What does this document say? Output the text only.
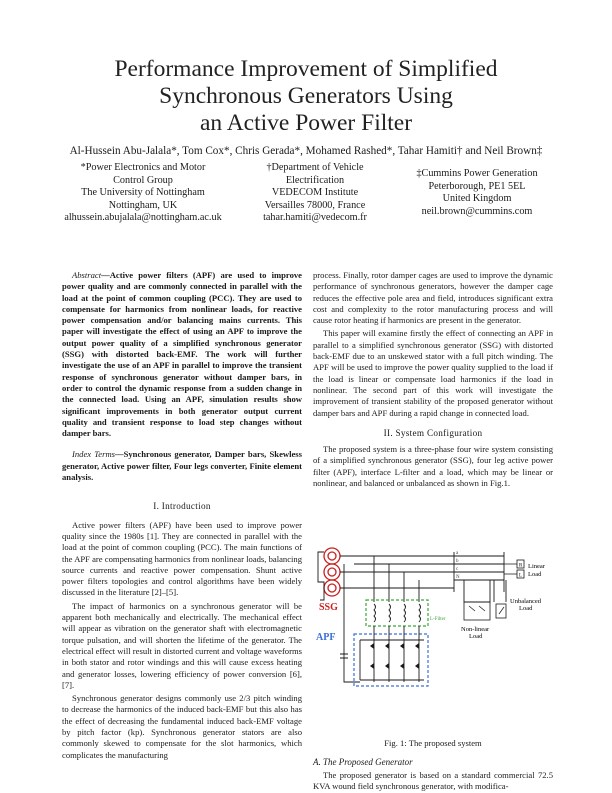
Performance Improvement of Simplified
Synchronous Generators Using
an Active Power Filter
Al-Hussein Abu-Jalala*, Tom Cox*, Chris Gerada*, Mohamed Rashed*, Tahar Hamiti† and Neil Brown‡
*Power Electronics and Motor
Control Group
The University of Nottingham
Nottingham, UK
alhussein.abujalala@nottingham.ac.uk
†Department of Vehicle
Electrification
VEDECOM Institute
Versailles 78000, France
tahar.hamiti@vedecom.fr
‡Cummins Power Generation
Peterborough, PE1 5EL
United Kingdom
neil.brown@cummins.com

Abstract—Active power filters (APF) are used to improve power quality and are commonly connected in parallel with the load at the point of common coupling (PCC). They are used to compensate for harmonics from nonlinear loads, for reactive power compensation and/or balancing mains currents. This paper will investigate the effect of using an APF to improve the output power quality of a simplified synchronous generator (SSG) with distorted back-EMF. The work will further investigate the use of an APF in parallel to improve the transient response of synchronous generator without damper bars, in order to control the dynamic response from a sudden change in the connected load. Using an APF, simulation results show significant improvements in both generator output current quality and transient response to load step changes without damper bars.

Index Terms—Synchronous generator, Damper bars, Skewless generator, Active power filter, Four legs converter, Finite element analysis.

I. Introduction

Active power filters (APF) have been used to improve power quality since the 1980s [1]. They are connected in parallel with the load at the point of common coupling (PCC). The main functions of the APF are compensating harmonics from nonlinear loads, balancing source currents and reactive power compensation. Shunt active power filters topologies and control algorithms have been widely discussed in the literature [2]–[5].

The impact of harmonics on a synchronous generator will be apparent both mechanically and electrically. The mechanical effect will appear as vibration on the generator shaft with electromagnetic torque pulsation, and will shorten the lifetime of the generator. The electrical effect will result in distorted current and voltage waveforms in both stator and rotor windings and this will cause excess heating and generator losses, lowering efficiency of power conversion [6], [7].

Synchronous generator designs commonly use 2/3 pitch winding to decrease the harmonics of the induced back-EMF but this also has the effect of decreasing the fundamental induced back-EMF voltage by pitch factor (kp). Synchronous generator stators are also commonly skewed to compensate for the slot harmonics, which complicates the manufacturing

process. Finally, rotor damper cages are used to improve the dynamic performance of synchronous generators, however the damper cage reduces the effective pole area and field, introduces significant extra cost and complexity to the rotor manufacturing process and will cause rotor heating if harmonics are present in the generator.

This paper will examine firstly the effect of connecting an APF in parallel to a simplified synchronous generator (SSG) with distorted back-EMF due to an unskewed stator with a full pitch winding. The APF will be used to improve the power quality supplied to the load if the load is linear or compensate load harmonics if the load in nonlinear. The second part of this work will investigate the improvement of transient stability of the proposed generator without damper bars and APF during a rapid change in connected load.

II. System Configuration

The proposed system is a three-phase four wire system consisting of a simplified synchronous generator (SSG), four leg active power filter (APF), interface L-filter and a load, which may be linear or nonlinear, and balanced or unbalanced as shown in Fig.1.

SSG
a
b
c
N
L-Filter
APF
R
L
Linear
Load
Non-linear
Load
Unbalanced
Load
Fig. 1: The proposed system
A. The Proposed Generator
The proposed generator is based on a standard commercial 72.5 KVA wound field synchronous generator, with modifica-
